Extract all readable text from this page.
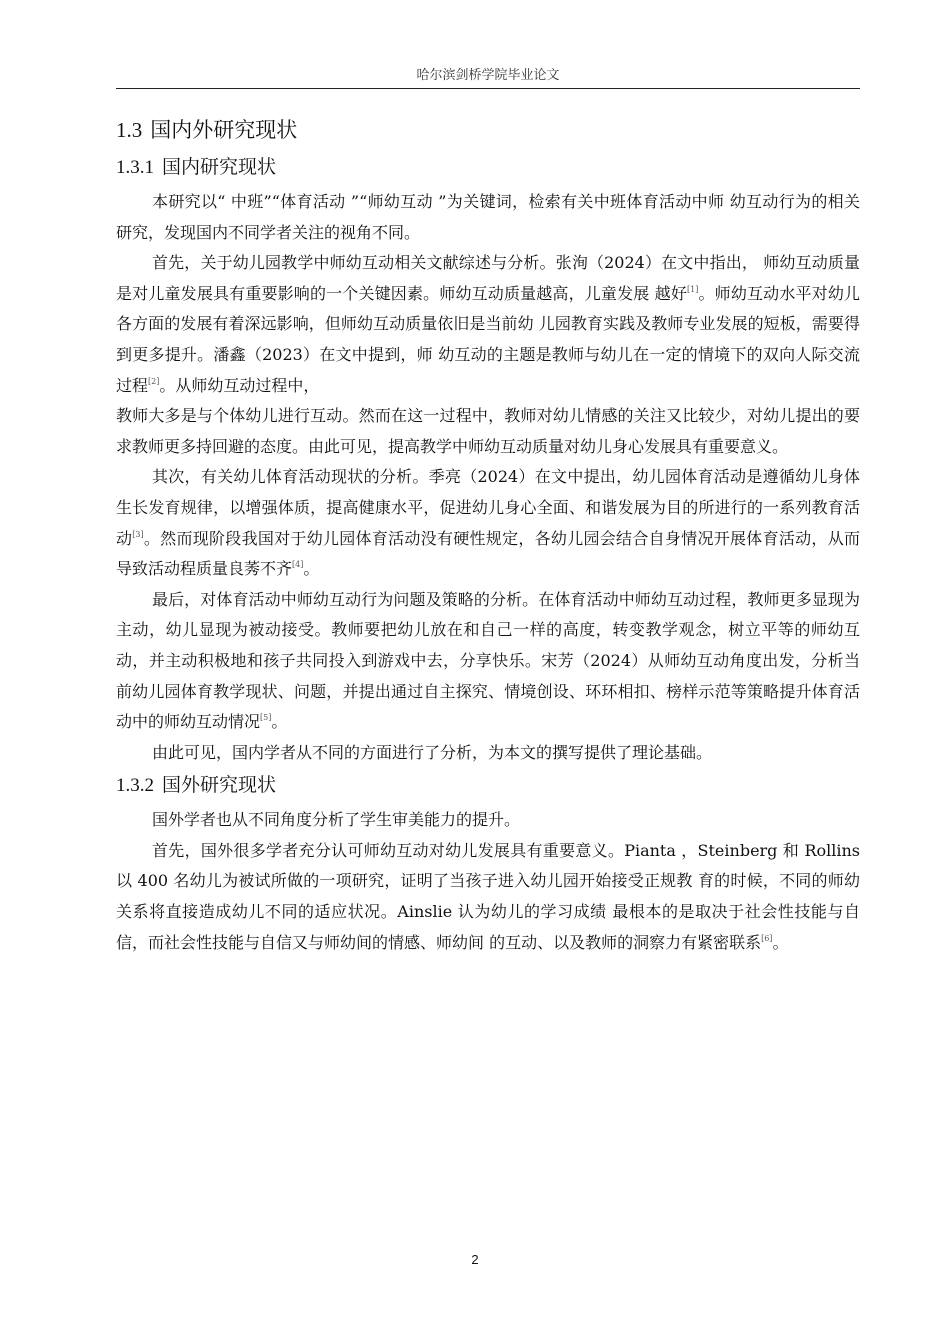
哈尔滨剑桥学院毕业论文
1.3 国内外研究现状
1.3.1 国内研究现状

本研究以“ 中班”“体育活动 ”“师幼互动 ”为关键词，检索有关中班体育活动中师 幼互动行为的相关研究，发现国内不同学者关注的视角不同。

首先，关于幼儿园教学中师幼互动相关文献综述与分析。张洵（2024）在文中指出， 师幼互动质量是对儿童发展具有重要影响的一个关键因素。师幼互动质量越高，儿童发展 越好[1]。师幼互动水平对幼儿各方面的发展有着深远影响，但师幼互动质量依旧是当前幼 儿园教育实践及教师专业发展的短板，需要得到更多提升。潘鑫（2023）在文中提到，师 幼互动的主题是教师与幼儿在一定的情境下的双向人际交流过程[2]。从师幼互动过程中，

教师大多是与个体幼儿进行互动。然而在这一过程中，教师对幼儿情感的关注又比较少，对幼儿提出的要求教师更多持回避的态度。由此可见，提高教学中师幼互动质量对幼儿身心发展具有重要意义。

其次，有关幼儿体育活动现状的分析。季亮（2024）在文中提出，幼儿园体育活动是遵循幼儿身体生长发育规律，以增强体质，提高健康水平，促进幼儿身心全面、和谐发展为目的所进行的一系列教育活动[3]。然而现阶段我国对于幼儿园体育活动没有硬性规定，各幼儿园会结合自身情况开展体育活动，从而导致活动程质量良莠不齐[4]。

最后，对体育活动中师幼互动行为问题及策略的分析。在体育活动中师幼互动过程，教师更多显现为主动，幼儿显现为被动接受。教师要把幼儿放在和自己一样的高度，转变教学观念，树立平等的师幼互动，并主动积极地和孩子共同投入到游戏中去，分享快乐。宋芳（2024）从师幼互动角度出发，分析当前幼儿园体育教学现状、问题，并提出通过自主探究、情境创设、环环相扣、榜样示范等策略提升体育活动中的师幼互动情况[5]。

由此可见，国内学者从不同的方面进行了分析，为本文的撰写提供了理论基础。

1.3.2 国外研究现状

国外学者也从不同角度分析了学生审美能力的提升。

首先，国外很多学者充分认可师幼互动对幼儿发展具有重要意义。Pianta ，Steinberg 和 Rollins 以 400 名幼儿为被试所做的一项研究，证明了当孩子进入幼儿园开始接受正规教 育的时候，不同的师幼关系将直接造成幼儿不同的适应状况。Ainslie 认为幼儿的学习成绩 最根本的是取决于社会性技能与自信，而社会性技能与自信又与师幼间的情感、师幼间 的互动、以及教师的洞察力有紧密联系[6]。

2
